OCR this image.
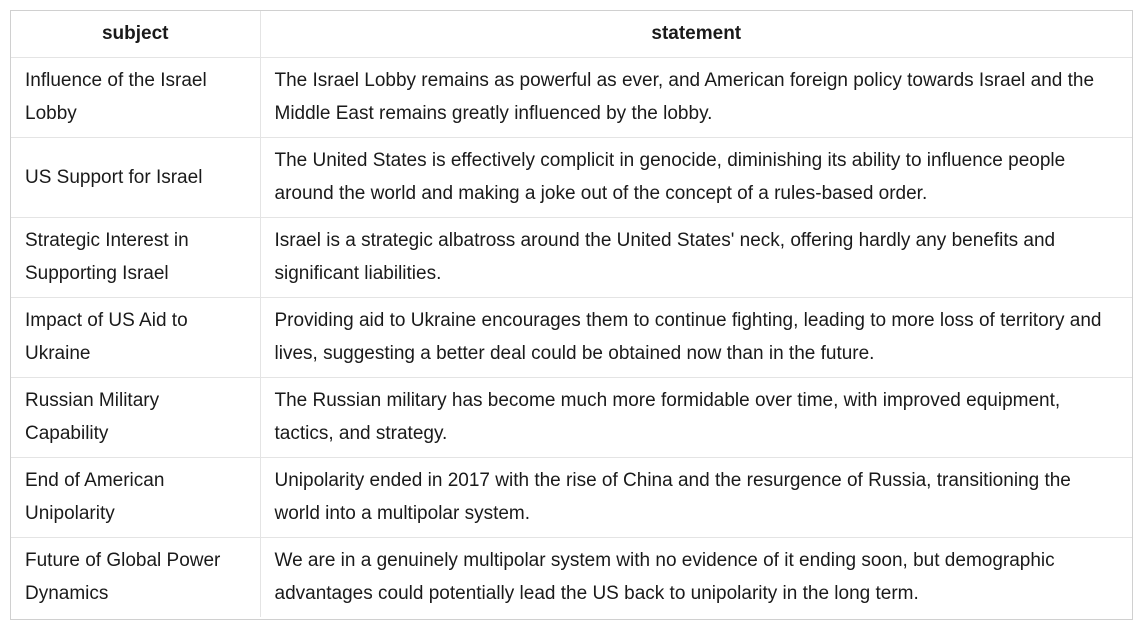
subject	statement
Influence of the Israel Lobby	The Israel Lobby remains as powerful as ever, and American foreign policy towards Israel and the Middle East remains greatly influenced by the lobby.
US Support for Israel	The United States is effectively complicit in genocide, diminishing its ability to influence people around the world and making a joke out of the concept of a rules-based order.
Strategic Interest in Supporting Israel	Israel is a strategic albatross around the United States' neck, offering hardly any benefits and significant liabilities.
Impact of US Aid to Ukraine	Providing aid to Ukraine encourages them to continue fighting, leading to more loss of territory and lives, suggesting a better deal could be obtained now than in the future.
Russian Military Capability	The Russian military has become much more formidable over time, with improved equipment, tactics, and strategy.
End of American Unipolarity	Unipolarity ended in 2017 with the rise of China and the resurgence of Russia, transitioning the world into a multipolar system.
Future of Global Power Dynamics	We are in a genuinely multipolar system with no evidence of it ending soon, but demographic advantages could potentially lead the US back to unipolarity in the long term.
